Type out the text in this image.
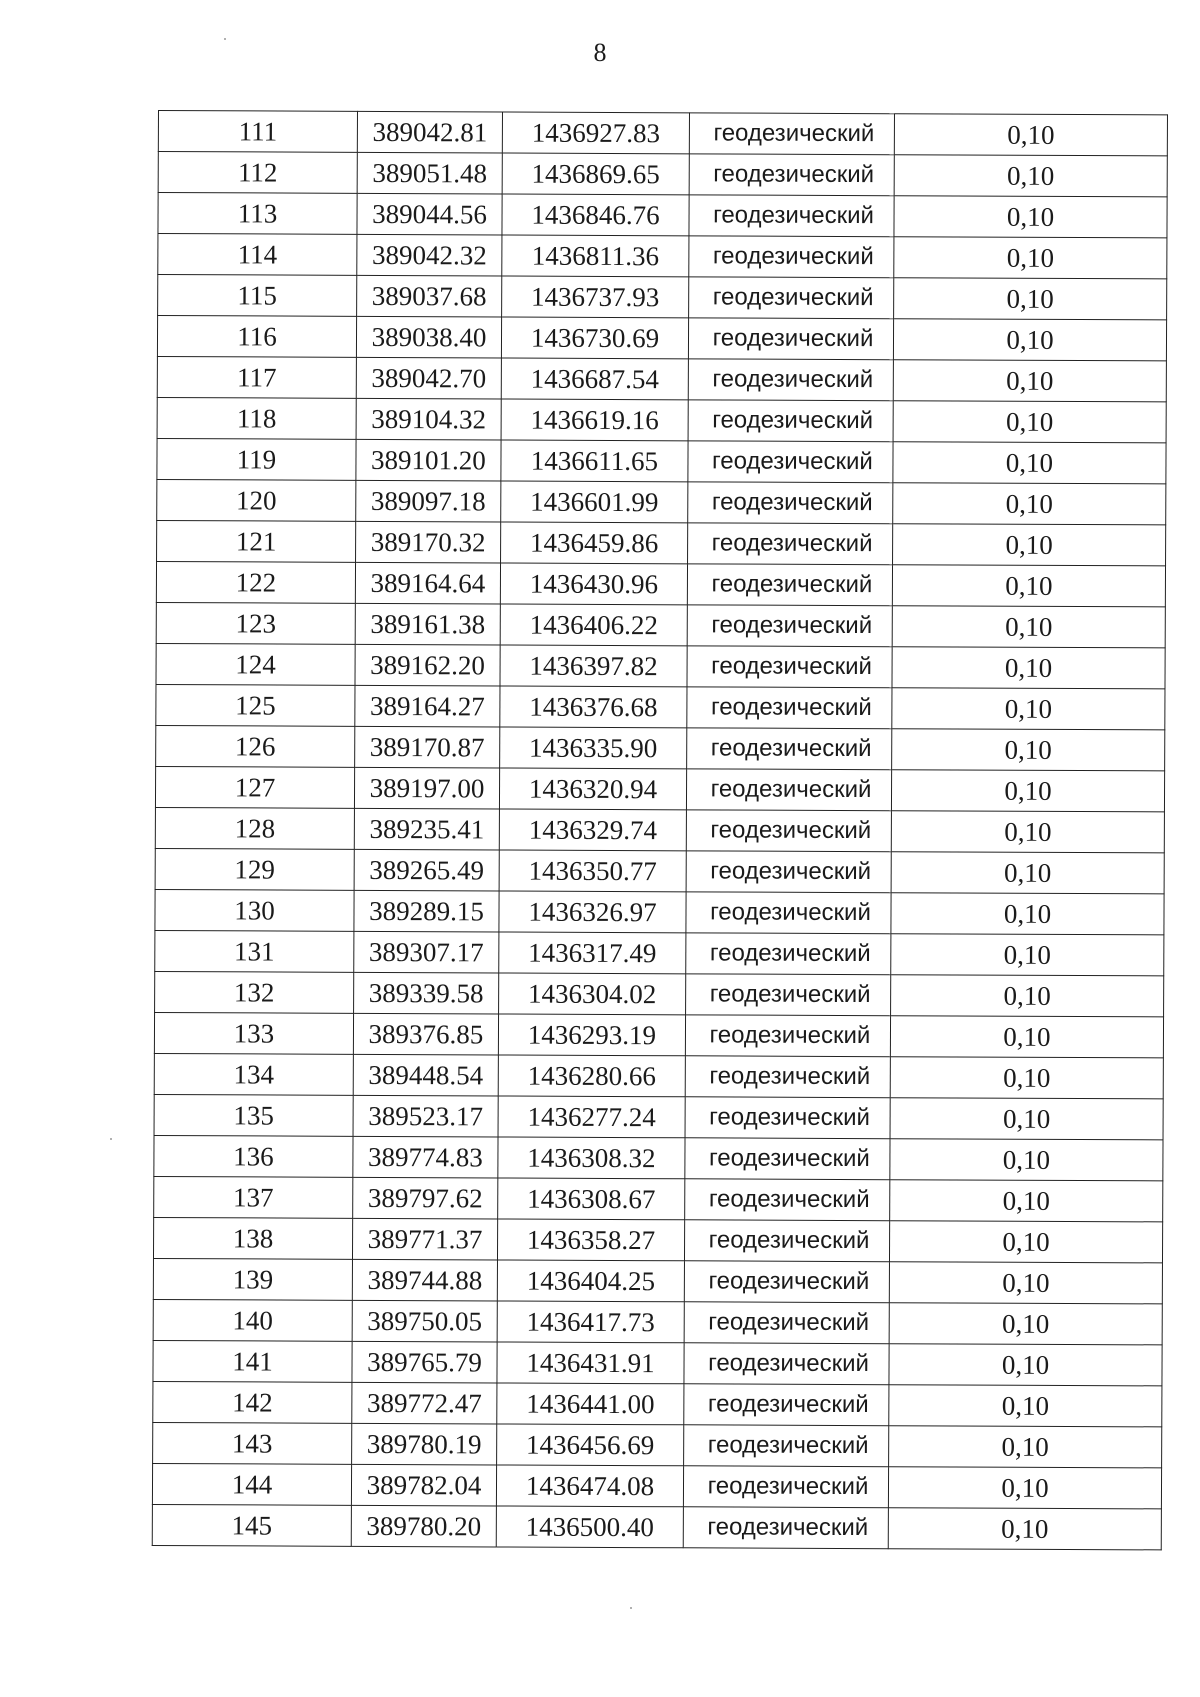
8
111	389042.81	1436927.83	геодезический	0,10
112	389051.48	1436869.65	геодезический	0,10
113	389044.56	1436846.76	геодезический	0,10
114	389042.32	1436811.36	геодезический	0,10
115	389037.68	1436737.93	геодезический	0,10
116	389038.40	1436730.69	геодезический	0,10
117	389042.70	1436687.54	геодезический	0,10
118	389104.32	1436619.16	геодезический	0,10
119	389101.20	1436611.65	геодезический	0,10
120	389097.18	1436601.99	геодезический	0,10
121	389170.32	1436459.86	геодезический	0,10
122	389164.64	1436430.96	геодезический	0,10
123	389161.38	1436406.22	геодезический	0,10
124	389162.20	1436397.82	геодезический	0,10
125	389164.27	1436376.68	геодезический	0,10
126	389170.87	1436335.90	геодезический	0,10
127	389197.00	1436320.94	геодезический	0,10
128	389235.41	1436329.74	геодезический	0,10
129	389265.49	1436350.77	геодезический	0,10
130	389289.15	1436326.97	геодезический	0,10
131	389307.17	1436317.49	геодезический	0,10
132	389339.58	1436304.02	геодезический	0,10
133	389376.85	1436293.19	геодезический	0,10
134	389448.54	1436280.66	геодезический	0,10
135	389523.17	1436277.24	геодезический	0,10
136	389774.83	1436308.32	геодезический	0,10
137	389797.62	1436308.67	геодезический	0,10
138	389771.37	1436358.27	геодезический	0,10
139	389744.88	1436404.25	геодезический	0,10
140	389750.05	1436417.73	геодезический	0,10
141	389765.79	1436431.91	геодезический	0,10
142	389772.47	1436441.00	геодезический	0,10
143	389780.19	1436456.69	геодезический	0,10
144	389782.04	1436474.08	геодезический	0,10
145	389780.20	1436500.40	геодезический	0,10
